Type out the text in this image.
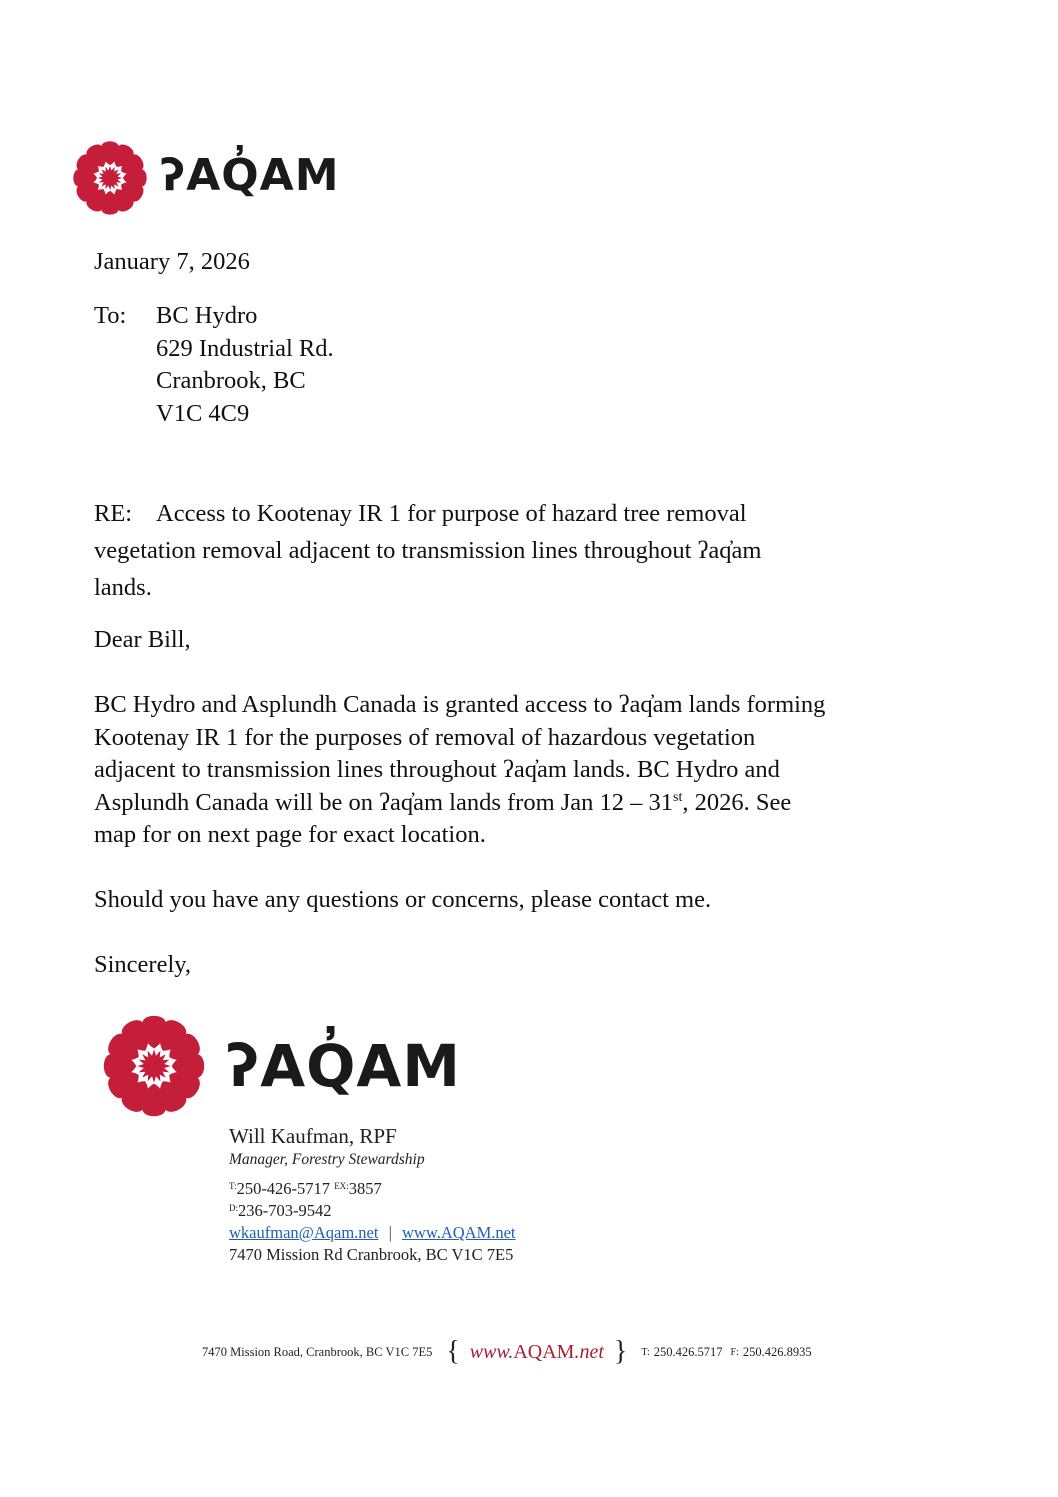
ʔAQ̓AM
January 7, 2026
To: BC Hydro
629 Industrial Rd.
Cranbrook, BC
V1C 4C9
RE: Access to Kootenay IR 1 for purpose of hazard tree removal
vegetation removal adjacent to transmission lines throughout ʔaq̓am
lands.
Dear Bill,
BC Hydro and Asplundh Canada is granted access to ʔaq̓am lands forming
Kootenay IR 1 for the purposes of removal of hazardous vegetation
adjacent to transmission lines throughout ʔaq̓am lands. BC Hydro and
Asplundh Canada will be on ʔaq̓am lands from Jan 12 – 31st, 2026. See
map for on next page for exact location.
Should you have any questions or concerns, please contact me.
Sincerely,
ʔAQ̓AM
Will Kaufman, RPF
Manager, Forestry Stewardship
$^{T:}$250-426-5717 $^{EX:}$3857
$^{D:}$236-703-9542
wkaufman@Aqam.net | www.AQAM.net
7470 Mission Rd Cranbrook, BC V1C 7E5
7470 Mission Road, Cranbrook, BC V1C 7E5 { www.AQAM.net } T: 250.426.5717 F: 250.426.8935
